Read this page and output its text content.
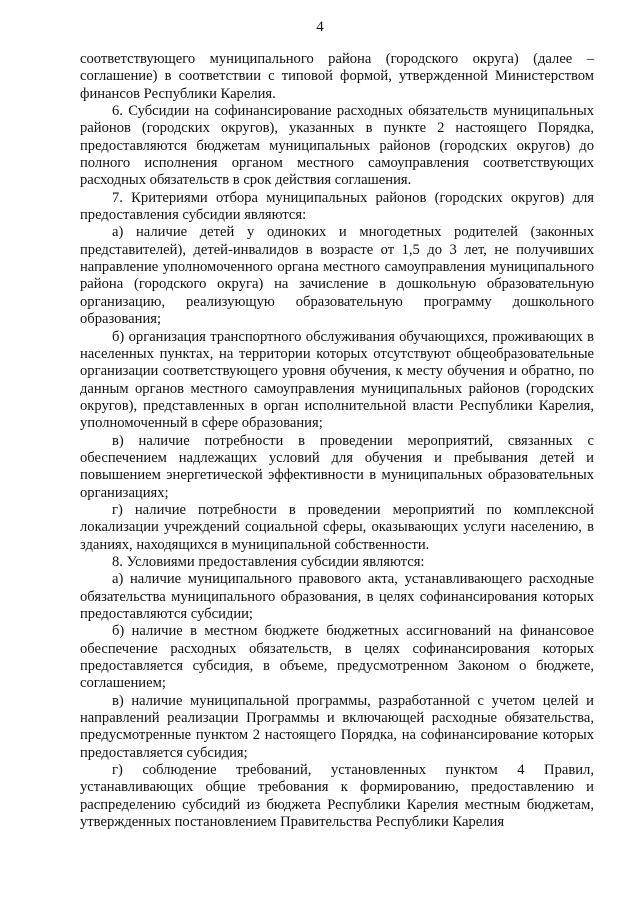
4

соответствующего муниципального района (городского округа) (далее – соглашение) в соответствии с типовой формой, утвержденной Министерством финансов Республики Карелия.

6. Субсидии на софинансирование расходных обязательств муниципальных районов (городских округов), указанных в пункте 2 настоящего Порядка, предоставляются бюджетам муниципальных районов (городских округов) до полного исполнения органом местного самоуправления соответствующих расходных обязательств в срок действия соглашения.

7. Критериями отбора муниципальных районов (городских округов) для предоставления субсидии являются:

а) наличие детей у одиноких и многодетных родителей (законных представителей), детей-инвалидов в возрасте от 1,5 до 3 лет, не получивших направление уполномоченного органа местного самоуправления муниципального района (городского округа) на зачисление в дошкольную образовательную организацию, реализующую образовательную программу дошкольного образования;

б) организация транспортного обслуживания обучающихся, проживающих в населенных пунктах, на территории которых отсутствуют общеобразовательные организации соответствующего уровня обучения, к месту обучения и обратно, по данным органов местного самоуправления муниципальных районов (городских округов), представленных в орган исполнительной власти Республики Карелия, уполномоченный в сфере образования;

в) наличие потребности в проведении мероприятий, связанных с обеспечением надлежащих условий для обучения и пребывания детей и повышением энергетической эффективности в муниципальных образовательных организациях;

г) наличие потребности в проведении мероприятий по комплексной локализации учреждений социальной сферы, оказывающих услуги населению, в зданиях, находящихся в муниципальной собственности.

8. Условиями предоставления субсидии являются:

а) наличие муниципального правового акта, устанавливающего расходные обязательства муниципального образования, в целях софинансирования которых предоставляются субсидии;

б) наличие в местном бюджете бюджетных ассигнований на финансовое обеспечение расходных обязательств, в целях софинансирования которых предоставляется субсидия, в объеме, предусмотренном Законом о бюджете, соглашением;

в) наличие муниципальной программы, разработанной с учетом целей и направлений реализации Программы и включающей расходные обязательства, предусмотренные пунктом 2 настоящего Порядка, на софинансирование которых предоставляется субсидия;

г) соблюдение требований, установленных пунктом 4 Правил, устанавливающих общие требования к формированию, предоставлению и распределению субсидий из бюджета Республики Карелия местным бюджетам, утвержденных постановлением Правительства Республики Карелия
